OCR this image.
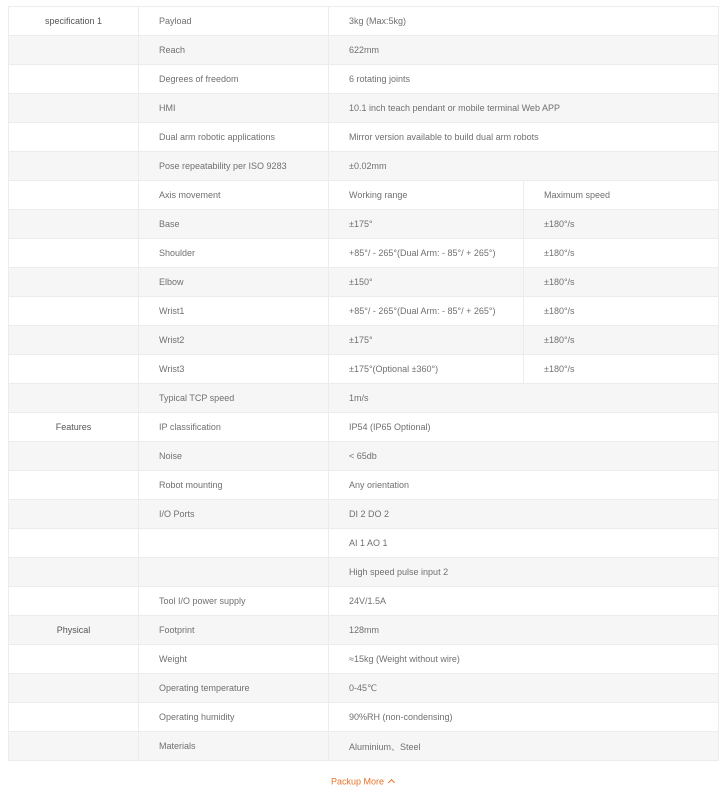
specification 1	Payload	3kg (Max:5kg)	
	Reach	622mm	
	Degrees of freedom	6 rotating joints	
	HMI	10.1 inch teach pendant or mobile terminal Web APP	
	Dual arm robotic applications	Mirror version available to build dual arm robots	
	Pose repeatability per ISO 9283	±0.02mm	
	Axis movement	Working range	Maximum speed
	Base	±175°	±180°/s
	Shoulder	+85°/ - 265°(Dual Arm: - 85°/ + 265°)	±180°/s
	Elbow	±150°	±180°/s
	Wrist1	+85°/ - 265°(Dual Arm: - 85°/ + 265°)	±180°/s
	Wrist2	±175°	±180°/s
	Wrist3	±175°(Optional ±360°)	±180°/s
	Typical TCP speed	1m/s	
Features	IP classification	IP54 (IP65 Optional)	
	Noise	< 65db	
	Robot mounting	Any orientation	
	I/O Ports	DI 2 DO 2	
		AI 1 AO 1	
		High speed pulse input 2	
	Tool I/O power supply	24V/1.5A	
Physical	Footprint	128mm	
	Weight	≈15kg (Weight without wire)	
	Operating temperature	0-45℃	
	Operating humidity	90%RH (non-condensing)	
	Materials	Aluminium、Steel	
Packup More
